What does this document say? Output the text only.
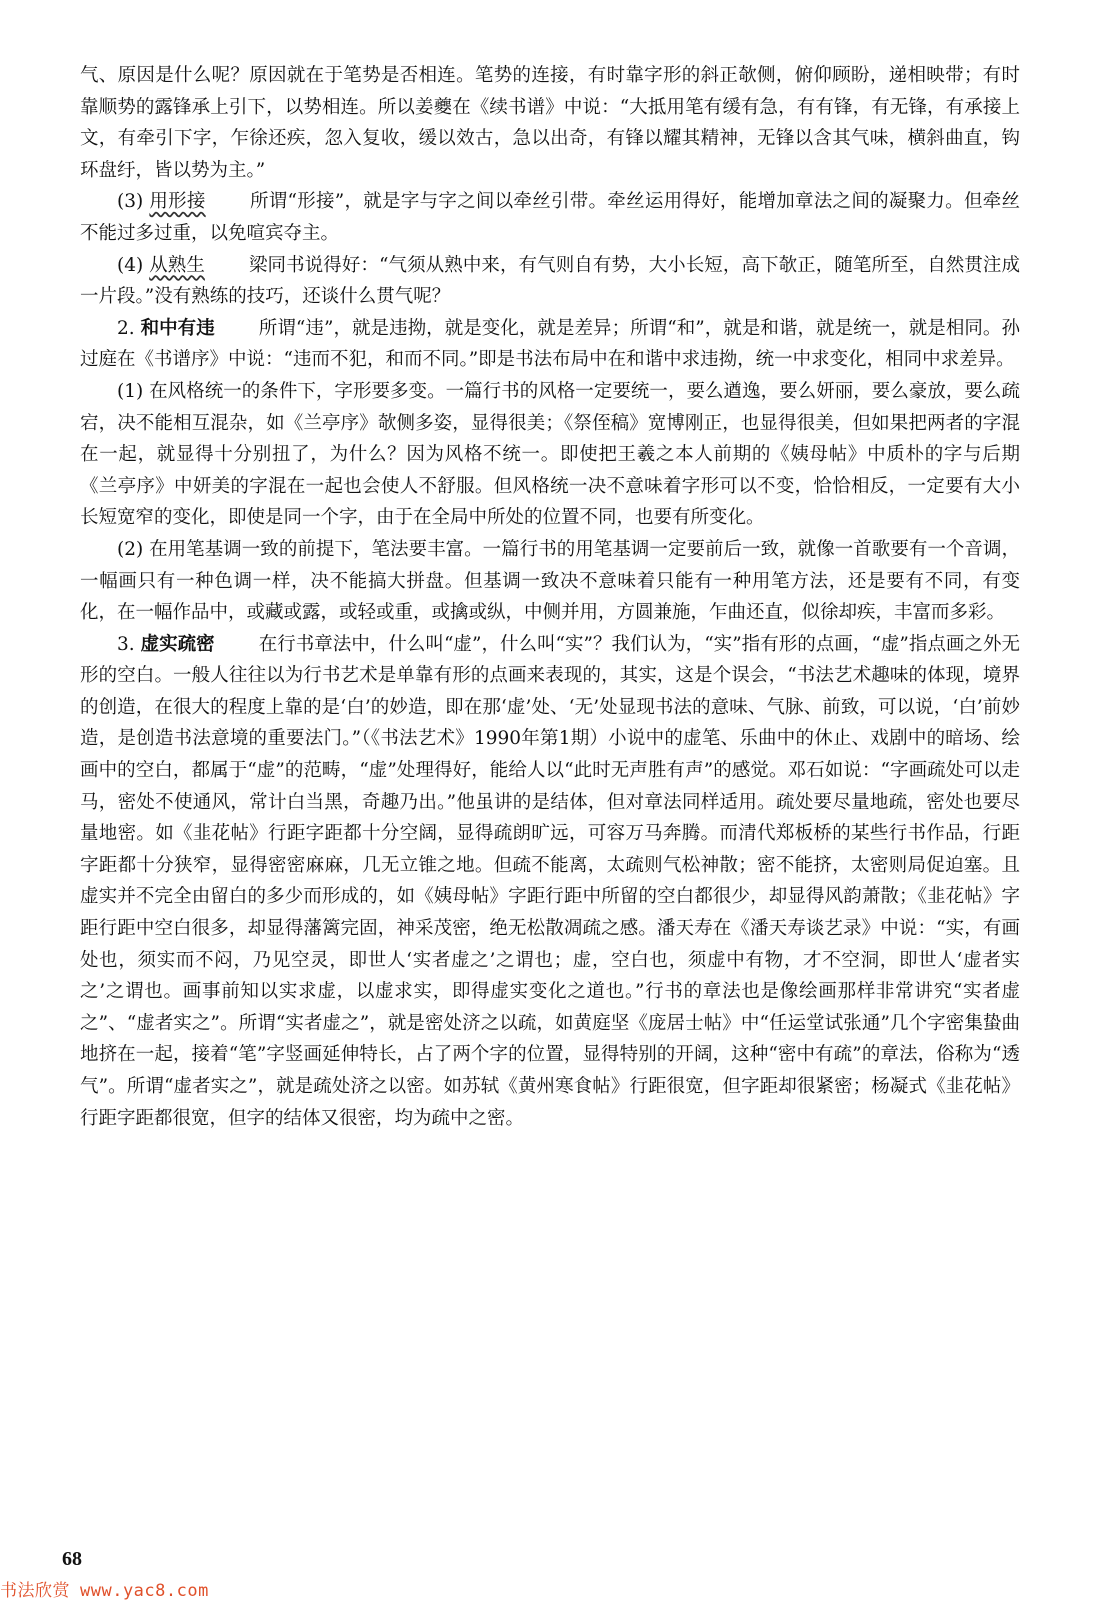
气、原因是什么呢？原因就在于笔势是否相连。笔势的连接，有时靠字形的斜正欹侧，俯仰顾盼，递相映带；有时靠顺势的露锋承上引下，以势相连。所以姜夔在《续书谱》中说：“大抵用笔有缓有急，有有锋，有无锋，有承接上文，有牵引下字，乍徐还疾，忽入复收，缓以效古，急以出奇，有锋以耀其精神，无锋以含其气味，横斜曲直，钩环盘纡，皆以势为主。”

(3) 用形接 所谓“形接”，就是字与字之间以牵丝引带。牵丝运用得好，能增加章法之间的凝聚力。但牵丝不能过多过重，以免喧宾夺主。

(4) 从熟生 梁同书说得好：“气须从熟中来，有气则自有势，大小长短，高下欹正，随笔所至，自然贯注成一片段。”没有熟练的技巧，还谈什么贯气呢？

2. 和中有违 所谓“违”，就是违拗，就是变化，就是差异；所谓“和”，就是和谐，就是统一，就是相同。孙过庭在《书谱序》中说：“违而不犯，和而不同。”即是书法布局中在和谐中求违拗，统一中求变化，相同中求差异。

(1) 在风格统一的条件下，字形要多变。一篇行书的风格一定要统一，要么遒逸，要么妍丽，要么豪放，要么疏宕，决不能相互混杂，如《兰亭序》欹侧多姿，显得很美；《祭侄稿》宽博刚正，也显得很美，但如果把两者的字混在一起，就显得十分别扭了，为什么？因为风格不统一。即使把王羲之本人前期的《姨母帖》中质朴的字与后期《兰亭序》中妍美的字混在一起也会使人不舒服。但风格统一决不意味着字形可以不变，恰恰相反，一定要有大小长短宽窄的变化，即使是同一个字，由于在全局中所处的位置不同，也要有所变化。

(2) 在用笔基调一致的前提下，笔法要丰富。一篇行书的用笔基调一定要前后一致，就像一首歌要有一个音调，一幅画只有一种色调一样，决不能搞大拼盘。但基调一致决不意味着只能有一种用笔方法，还是要有不同，有变化，在一幅作品中，或藏或露，或轻或重，或擒或纵，中侧并用，方圆兼施，乍曲还直，似徐却疾，丰富而多彩。

3. 虚实疏密 在行书章法中，什么叫“虚”，什么叫“实”？我们认为，“实”指有形的点画，“虚”指点画之外无形的空白。一般人往往以为行书艺术是单靠有形的点画来表现的，其实，这是个误会，“书法艺术趣味的体现，境界的创造，在很大的程度上靠的是‘白’的妙造，即在那‘虚’处、‘无’处显现书法的意味、气脉、前致，可以说，‘白’前妙造，是创造书法意境的重要法门。”（《书法艺术》1990年第1期）小说中的虚笔、乐曲中的休止、戏剧中的暗场、绘画中的空白，都属于“虚”的范畴，“虚”处理得好，能给人以“此时无声胜有声”的感觉。邓石如说：“字画疏处可以走马，密处不使通风，常计白当黑，奇趣乃出。”他虽讲的是结体，但对章法同样适用。疏处要尽量地疏，密处也要尽量地密。如《韭花帖》行距字距都十分空阔，显得疏朗旷远，可容万马奔腾。而清代郑板桥的某些行书作品，行距字距都十分狭窄，显得密密麻麻，几无立锥之地。但疏不能离，太疏则气松神散；密不能挤，太密则局促迫塞。且虚实并不完全由留白的多少而形成的，如《姨母帖》字距行距中所留的空白都很少，却显得风韵萧散；《韭花帖》字距行距中空白很多，却显得藩篱完固，神采茂密，绝无松散凋疏之感。潘天寿在《潘天寿谈艺录》中说：“实，有画处也，须实而不闷，乃见空灵，即世人‘实者虚之’之谓也；虚，空白也，须虚中有物，才不空洞，即世人‘虚者实之’之谓也。画事前知以实求虚，以虚求实，即得虚实变化之道也。”行书的章法也是像绘画那样非常讲究“实者虚之”、“虚者实之”。所谓“实者虚之”，就是密处济之以疏，如黄庭坚《庞居士帖》中“任运堂试张通”几个字密集蛰曲地挤在一起，接着“笔”字竖画延伸特长，占了两个字的位置，显得特别的开阔，这种“密中有疏”的章法，俗称为“透气”。所谓“虚者实之”，就是疏处济之以密。如苏轼《黄州寒食帖》行距很宽，但字距却很紧密；杨凝式《韭花帖》行距字距都很宽，但字的结体又很密，均为疏中之密。

68
书法欣赏 www.yac8.com
